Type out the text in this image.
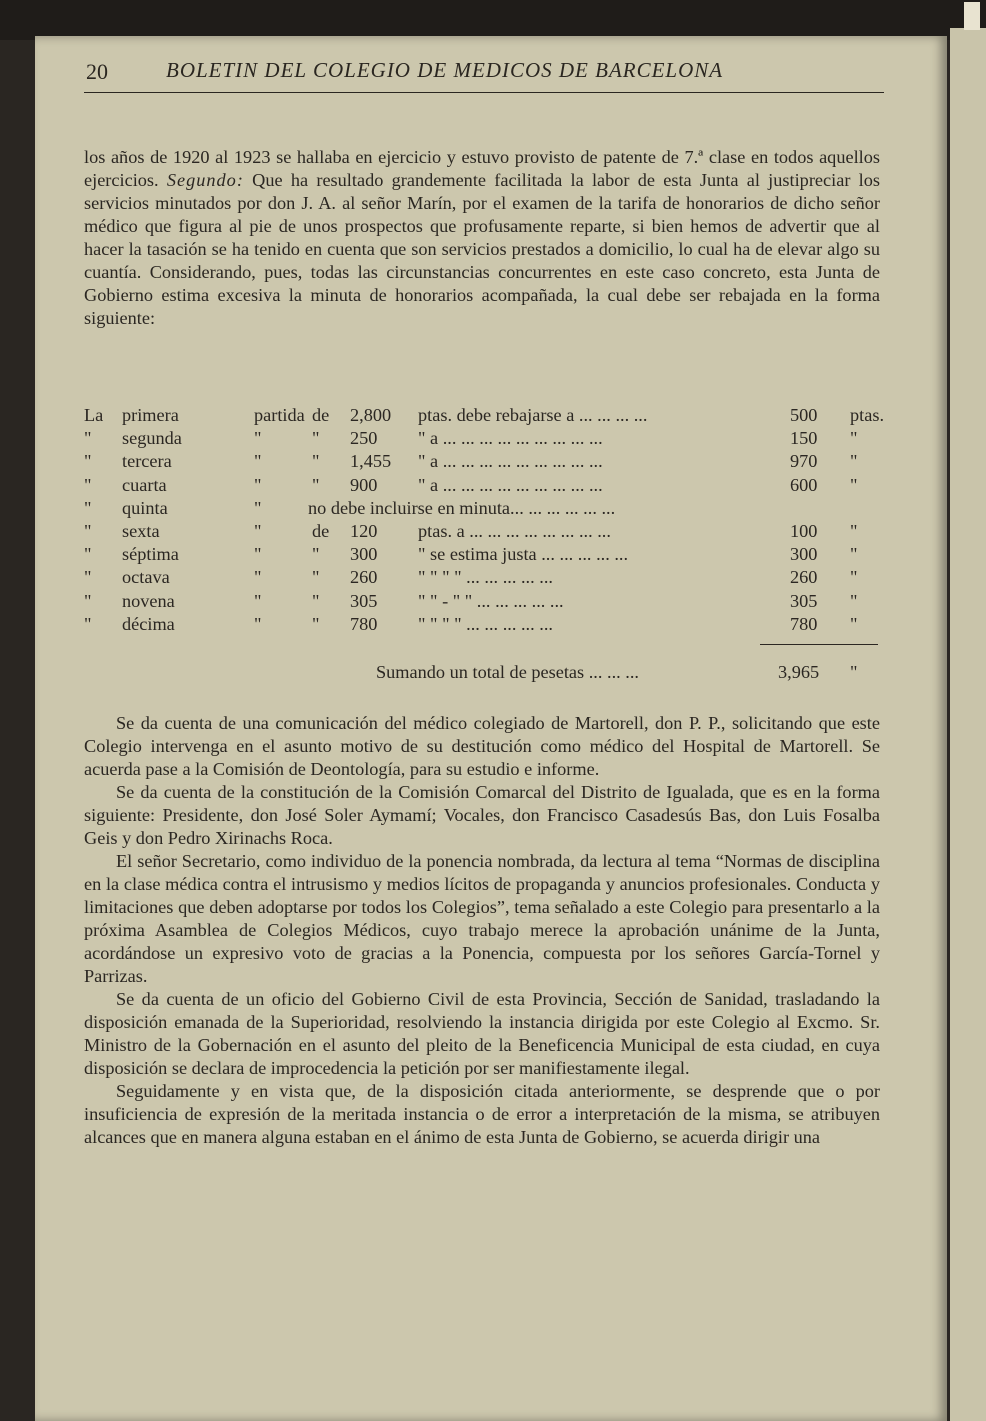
20	BOLETIN DEL COLEGIO DE MEDICOS DE BARCELONA

los años de 1920 al 1923 se hallaba en ejercicio y estuvo provisto de patente de 7.ª clase en todos aquellos ejercicios. Segundo: Que ha resultado grandemente facilitada la labor de esta Junta al justipreciar los servicios minutados por don J. A. al señor Marín, por el examen de la tarifa de honorarios de dicho señor médico que figura al pie de unos prospectos que profusamente reparte, si bien hemos de advertir que al hacer la tasación se ha tenido en cuenta que son servicios prestados a domicilio, lo cual ha de elevar algo su cuantía. Considerando, pues, todas las circunstancias concurrentes en este caso concreto, esta Junta de Gobierno estima excesiva la minuta de honorarios acompañada, la cual debe ser rebajada en la forma siguiente:

La primera	partida de 2,800 ptas. debe rebajarse a ... ... ... ...	500 ptas.
" segunda	"	" 250 " a ... ... ... ... ... ... ... ... ...	150 "
" tercera	"	" 1,455 " a ... ... ... ... ... ... ... ... ...	970 "
" cuarta	"	" 900 " a ... ... ... ... ... ... ... ... ...	600 "
" quinta	"	no debe incluirse en minuta... ... ... ... ... ...
" sexta	"	de 120 ptas. a ... ... ... ... ... ... ... ...	100 "
" séptima	"	" 300 " se estima justa ... ... ... ... ...	300 "
" octava	"	" 260 " " " " ... ... ... ... ...	260 "
" novena	"	" 305 " " - " " ... ... ... ... ...	305 "
" décima	"	" 780 " " " " ... ... ... ... ...	780 "
Sumando un total de pesetas ... ... ...	3,965 "

Se da cuenta de una comunicación del médico colegiado de Martorell, don P. P., solicitando que este Colegio intervenga en el asunto motivo de su destitución como médico del Hospital de Martorell. Se acuerda pase a la Comisión de Deontología, para su estudio e informe.

Se da cuenta de la constitución de la Comisión Comarcal del Distrito de Igualada, que es en la forma siguiente: Presidente, don José Soler Aymamí; Vocales, don Francisco Casadesús Bas, don Luis Fosalba Geis y don Pedro Xirinachs Roca.

El señor Secretario, como individuo de la ponencia nombrada, da lectura al tema “Normas de disciplina en la clase médica contra el intrusismo y medios lícitos de propaganda y anuncios profesionales. Conducta y limitaciones que deben adoptarse por todos los Colegios”, tema señalado a este Colegio para presentarlo a la próxima Asamblea de Colegios Médicos, cuyo trabajo merece la aprobación unánime de la Junta, acordándose un expresivo voto de gracias a la Ponencia, compuesta por los señores García-Tornel y Parrizas.

Se da cuenta de un oficio del Gobierno Civil de esta Provincia, Sección de Sanidad, trasladando la disposición emanada de la Superioridad, resolviendo la instancia dirigida por este Colegio al Excmo. Sr. Ministro de la Gobernación en el asunto del pleito de la Beneficencia Municipal de esta ciudad, en cuya disposición se declara de improcedencia la petición por ser manifiestamente ilegal.

Seguidamente y en vista que, de la disposición citada anteriormente, se desprende que o por insuficiencia de expresión de la meritada instancia o de error a interpretación de la misma, se atribuyen alcances que en manera alguna estaban en el ánimo de esta Junta de Gobierno, se acuerda dirigir una
